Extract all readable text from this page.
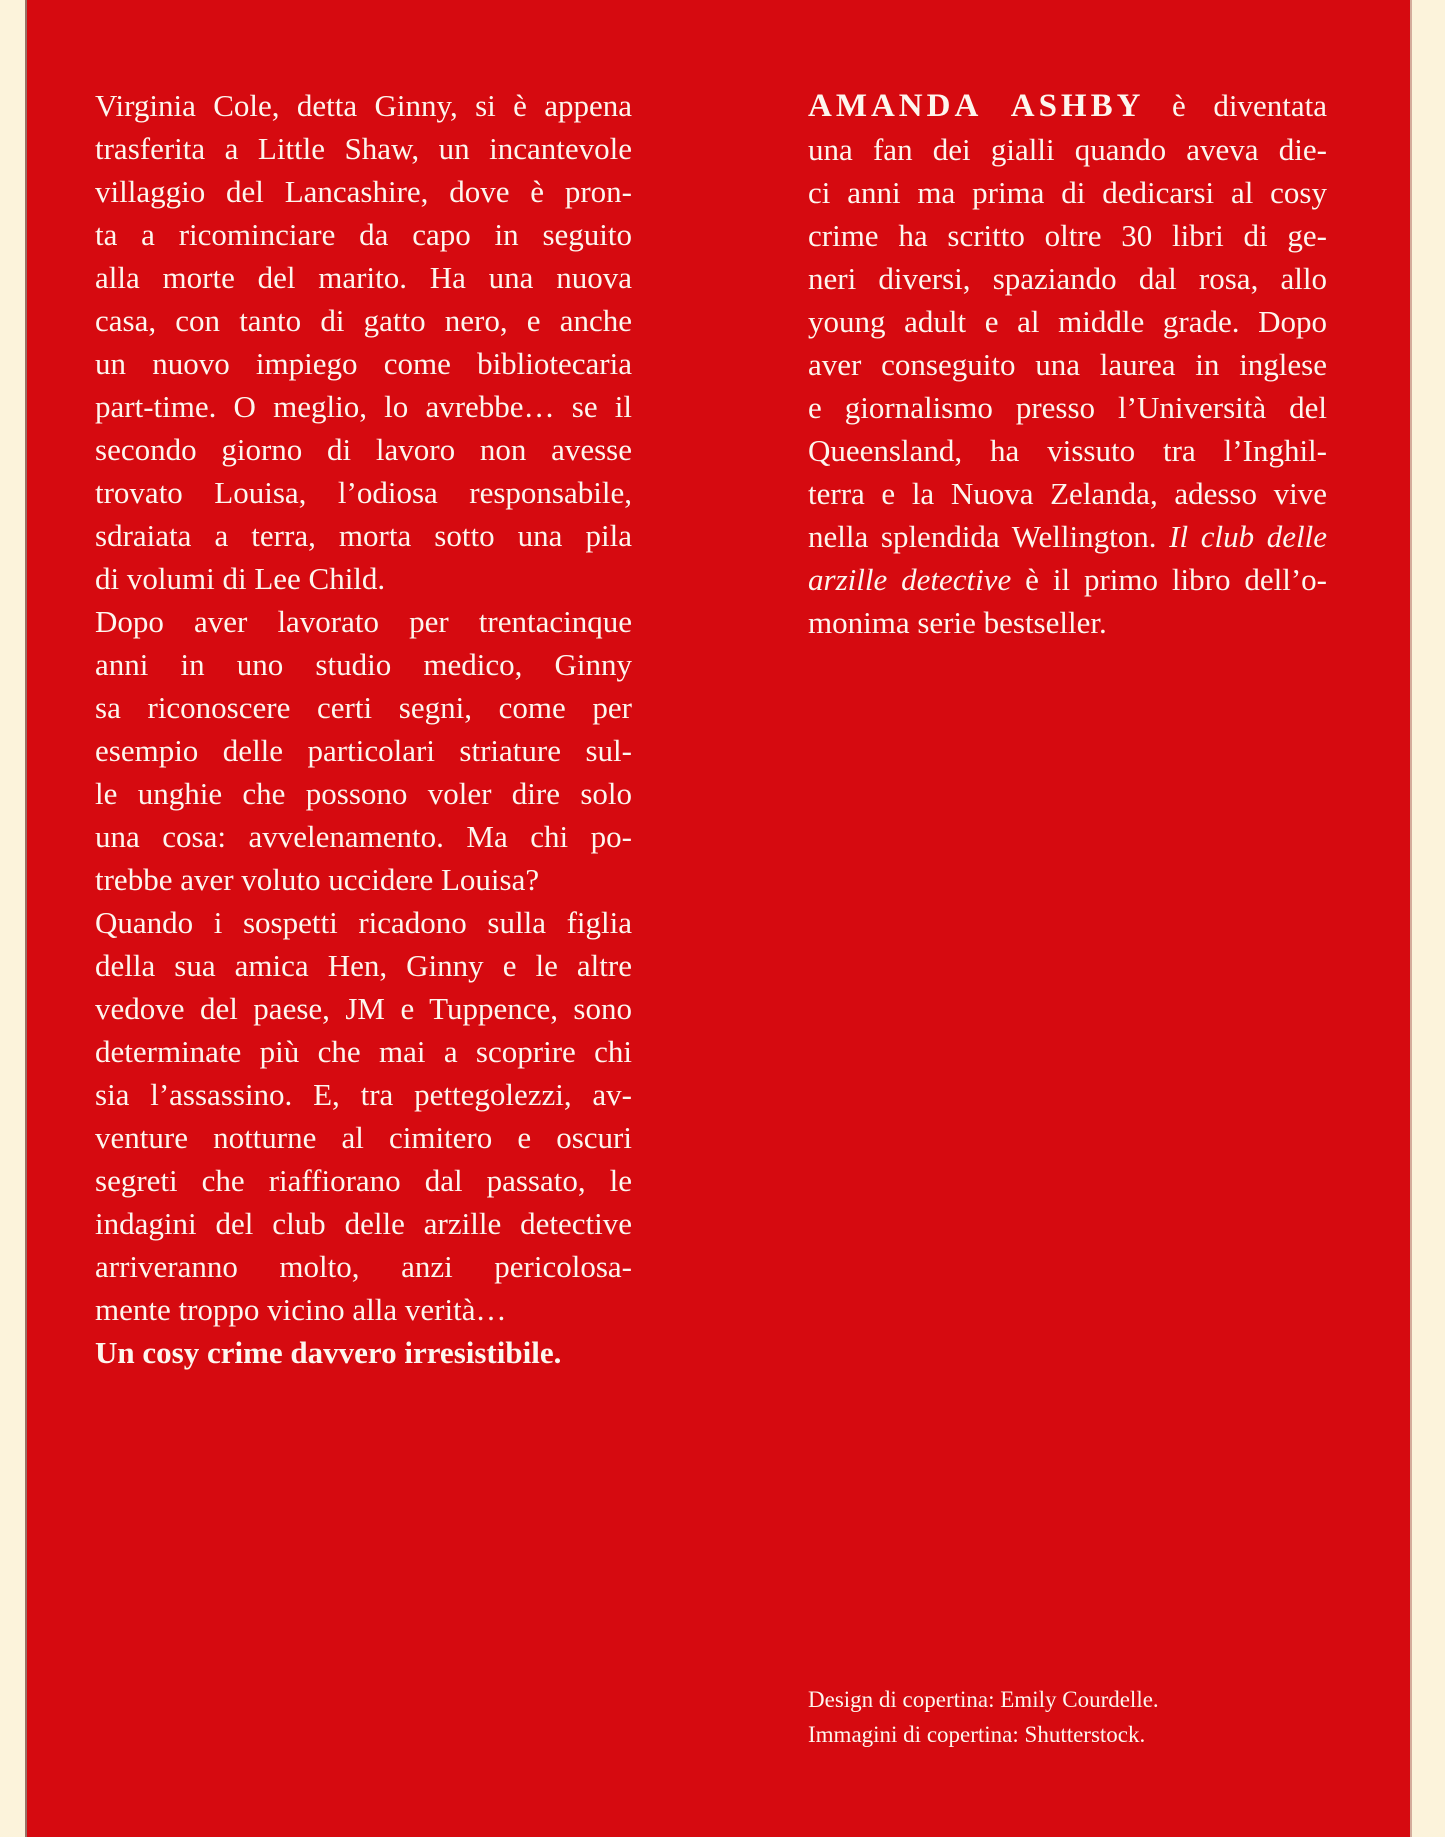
Virginia Cole, detta Ginny, si è appena
trasferita a Little Shaw, un incantevole
villaggio del Lancashire, dove è pron-
ta a ricominciare da capo in seguito
alla morte del marito. Ha una nuova
casa, con tanto di gatto nero, e anche
un nuovo impiego come bibliotecaria
part-time. O meglio, lo avrebbe… se il
secondo giorno di lavoro non avesse
trovato Louisa, l’odiosa responsabile,
sdraiata a terra, morta sotto una pila
di volumi di Lee Child.
Dopo aver lavorato per trentacinque
anni in uno studio medico, Ginny
sa riconoscere certi segni, come per
esempio delle particolari striature sul-
le unghie che possono voler dire solo
una cosa: avvelenamento. Ma chi po-
trebbe aver voluto uccidere Louisa?
Quando i sospetti ricadono sulla figlia
della sua amica Hen, Ginny e le altre
vedove del paese, JM e Tuppence, sono
determinate più che mai a scoprire chi
sia l’assassino. E, tra pettegolezzi, av-
venture notturne al cimitero e oscuri
segreti che riaffiorano dal passato, le
indagini del club delle arzille detective
arriveranno molto, anzi pericolosa-
mente troppo vicino alla verità…
Un cosy crime davvero irresistibile.
AMANDA ASHBY è diventata
una fan dei gialli quando aveva die-
ci anni ma prima di dedicarsi al cosy
crime ha scritto oltre 30 libri di ge-
neri diversi, spaziando dal rosa, allo
young adult e al middle grade. Dopo
aver conseguito una laurea in inglese
e giornalismo presso l’Università del
Queensland, ha vissuto tra l’Inghil-
terra e la Nuova Zelanda, adesso vive
nella splendida Wellington. Il club delle
arzille detective è il primo libro dell’o-
monima serie bestseller.
Design di copertina: Emily Courdelle.
Immagini di copertina: Shutterstock.
